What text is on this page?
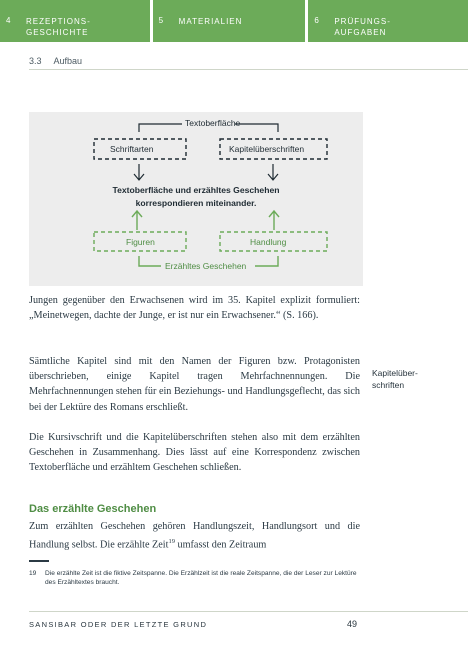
4 REZEPTIONS-
GESCHICHTE
5 MATERIALIEN	6 PRÜFUNGS-
AUFGABEN
3.3 Aufbau
Textoberfläche
Schriftarten	Kapitelüberschriften
Textoberfläche und erzähltes Geschehen
korrespondieren miteinander.
Figuren	Handlung
Erzähltes Geschehen

Jungen gegenüber den Erwachsenen wird im 35. Kapitel explizit formuliert: „Meinetwegen, dachte der Junge, er ist nur ein Erwachsener.“ (S. 166).

Sämtliche Kapitel sind mit den Namen der Figuren bzw. Protagonisten überschrieben, einige Kapitel tragen Mehrfachnennungen. Die Mehrfachnennungen stehen für ein Beziehungs- und Handlungsgeflecht, das sich bei der Lektüre des Romans erschließt.

Die Kursivschrift und die Kapitelüberschriften stehen also mit dem erzählten Geschehen in Zusammenhang. Dies lässt auf eine Korrespondenz zwischen Textoberfläche und erzähltem Geschehen schließen.

Das erzählte Geschehen

Zum erzählten Geschehen gehören Handlungszeit, Handlungsort und die Handlung selbst. Die erzählte Zeit$^{19}$ umfasst den Zeitraum

Kapitelüber-
schriften

19 Die erzählte Zeit ist die fiktive Zeitspanne. Die Erzählzeit ist die reale Zeitspanne, die der Leser zur Lektüre des Erzähltextes braucht.
SANSIBAR ODER DER LETZTE GRUND	49
